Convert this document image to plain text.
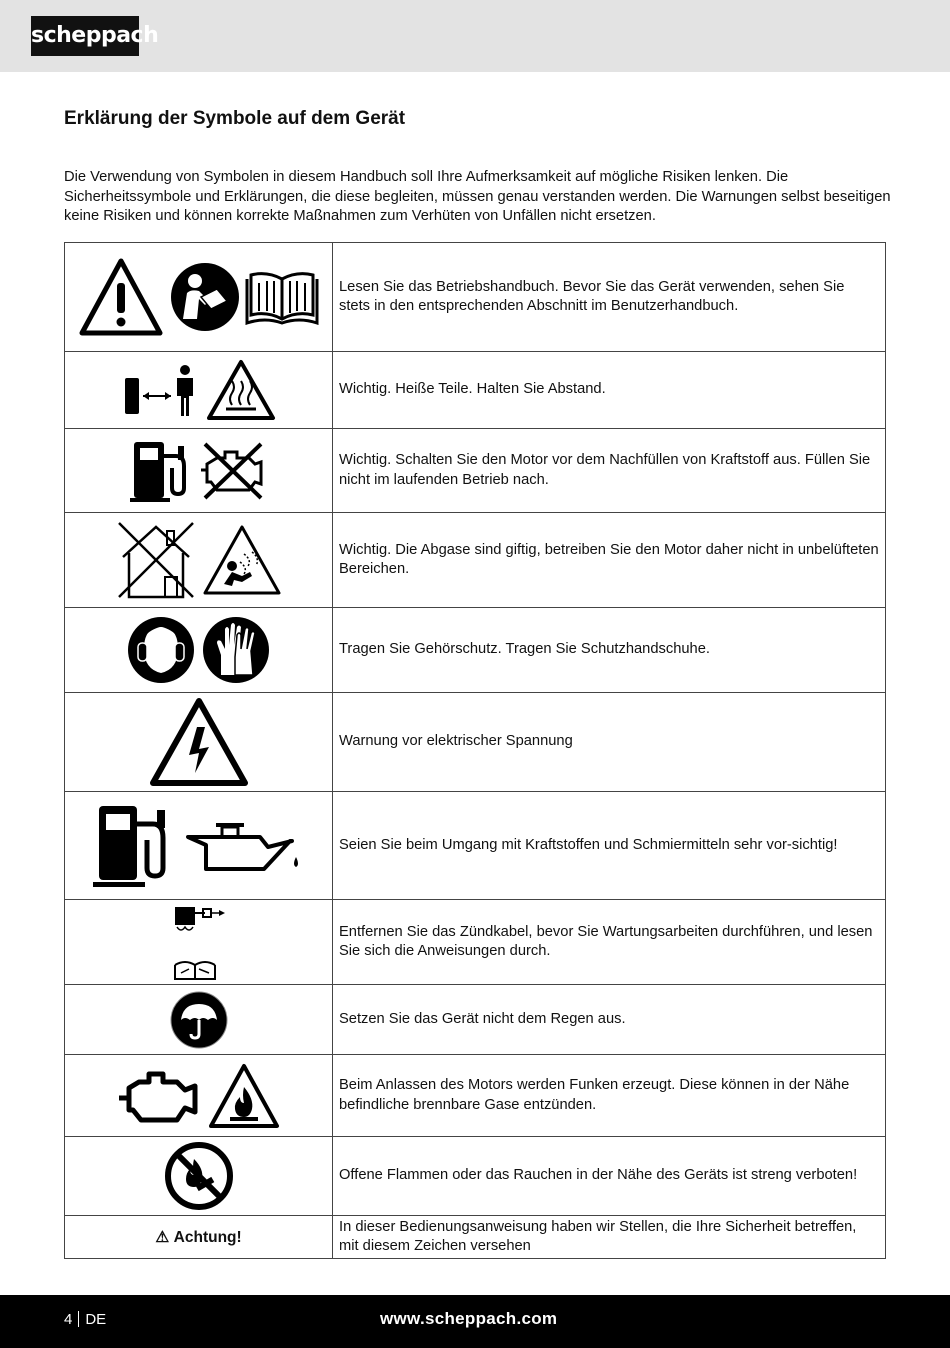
scheppach
Erklärung der Symbole auf dem Gerät

Die Verwendung von Symbolen in diesem Handbuch soll Ihre Aufmerksamkeit auf mögliche Risiken lenken. Die Sicherheitssymbole und Erklärungen, die diese begleiten, müssen genau verstanden werden. Die Warnungen selbst beseitigen keine Risiken und können korrekte Maßnahmen zum Verhüten von Unfällen nicht ersetzen.

	Lesen Sie das Betriebshandbuch. Bevor Sie das Gerät verwenden, sehen Sie stets in den entsprechenden Abschnitt im Benutzerhandbuch.
	Wichtig. Heiße Teile. Halten Sie Abstand.
	Wichtig. Schalten Sie den Motor vor dem Nachfüllen von Kraftstoff aus. Füllen Sie nicht im laufenden Betrieb nach.
	Wichtig. Die Abgase sind giftig, betreiben Sie den Motor daher nicht in unbelüfteten Bereichen.
	Tragen Sie Gehörschutz. Tragen Sie Schutzhandschuhe.
	Warnung vor elektrischer Spannung
	Seien Sie beim Umgang mit Kraftstoffen und Schmiermitteln sehr vor-sichtig!
	Entfernen Sie das Zündkabel, bevor Sie Wartungsarbeiten durchführen, und lesen Sie sich die Anweisungen durch.
	Setzen Sie das Gerät nicht dem Regen aus.
	Beim Anlassen des Motors werden Funken erzeugt. Diese können in der Nähe befindliche brennbare Gase entzünden.
	Offene Flammen oder das Rauchen in der Nähe des Geräts ist streng verboten!
⚠ Achtung!	In dieser Bedienungsanweisung haben wir Stellen, die Ihre Sicherheit betreffen, mit diesem Zeichen versehen
4 DE	www.scheppach.com
